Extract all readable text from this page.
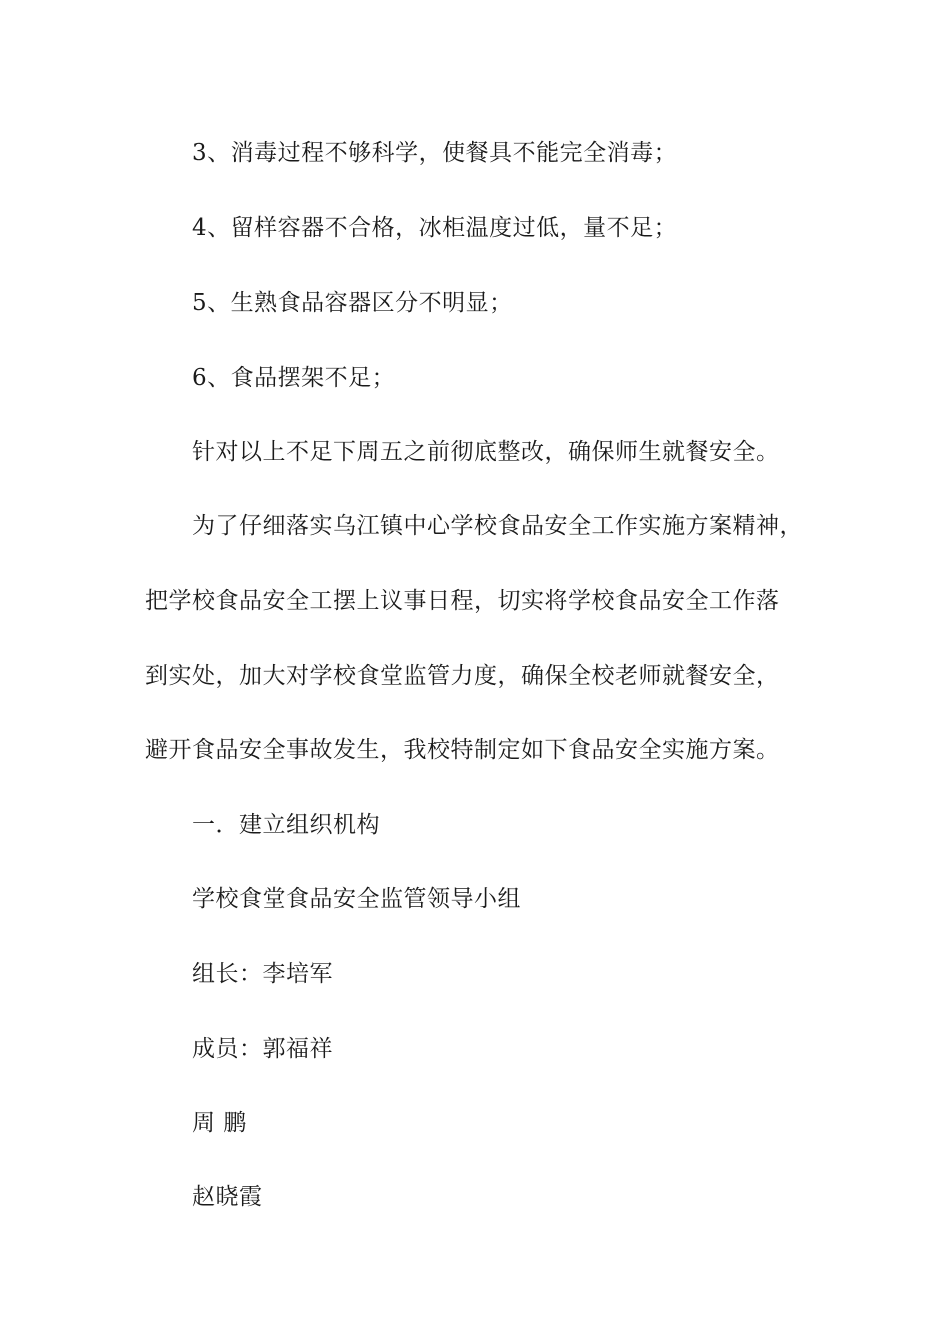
3、消毒过程不够科学，使餐具不能完全消毒；
4、留样容器不合格，冰柜温度过低，量不足；
5、生熟食品容器区分不明显；
6、食品摆架不足；
针对以上不足下周五之前彻底整改，确保师生就餐安全。
为了仔细落实乌江镇中心学校食品安全工作实施方案精神，
把学校食品安全工摆上议事日程，切实将学校食品安全工作落
到实处，加大对学校食堂监管力度，确保全校老师就餐安全，
避开食品安全事故发生，我校特制定如下食品安全实施方案。
一．建立组织机构
学校食堂食品安全监管领导小组
组长：李培军
成员：郭福祥
周 鹏
赵晓霞
